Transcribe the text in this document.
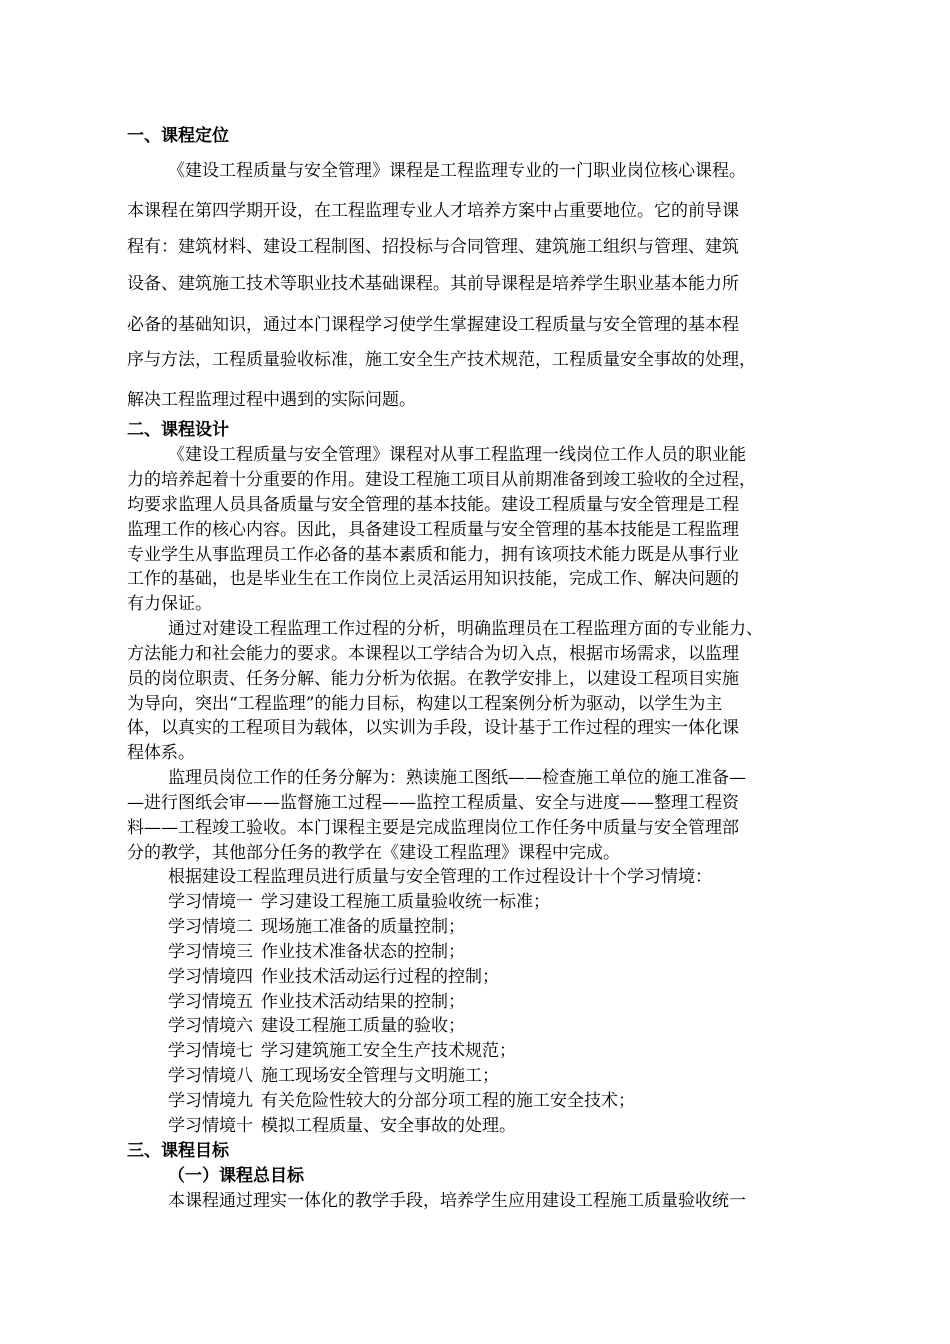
一、课程定位
《建设工程质量与安全管理》课程是工程监理专业的一门职业岗位核心课程。
本课程在第四学期开设，在工程监理专业人才培养方案中占重要地位。它的前导课
程有：建筑材料、建设工程制图、招投标与合同管理、建筑施工组织与管理、建筑
设备、建筑施工技术等职业技术基础课程。其前导课程是培养学生职业基本能力所
必备的基础知识，通过本门课程学习使学生掌握建设工程质量与安全管理的基本程
序与方法，工程质量验收标准，施工安全生产技术规范，工程质量安全事故的处理，
解决工程监理过程中遇到的实际问题。
二、课程设计
《建设工程质量与安全管理》课程对从事工程监理一线岗位工作人员的职业能
力的培养起着十分重要的作用。建设工程施工项目从前期准备到竣工验收的全过程，
均要求监理人员具备质量与安全管理的基本技能。建设工程质量与安全管理是工程
监理工作的核心内容。因此，具备建设工程质量与安全管理的基本技能是工程监理
专业学生从事监理员工作必备的基本素质和能力，拥有该项技术能力既是从事行业
工作的基础，也是毕业生在工作岗位上灵活运用知识技能，完成工作、解决问题的
有力保证。
通过对建设工程监理工作过程的分析，明确监理员在工程监理方面的专业能力、
方法能力和社会能力的要求。本课程以工学结合为切入点，根据市场需求，以监理
员的岗位职责、任务分解、能力分析为依据。在教学安排上，以建设工程项目实施
为导向，突出“工程监理”的能力目标，构建以工程案例分析为驱动，以学生为主
体，以真实的工程项目为载体，以实训为手段，设计基于工作过程的理实一体化课
程体系。
监理员岗位工作的任务分解为：熟读施工图纸——检查施工单位的施工准备—
—进行图纸会审——监督施工过程——监控工程质量、安全与进度——整理工程资
料——工程竣工验收。本门课程主要是完成监理岗位工作任务中质量与安全管理部
分的教学，其他部分任务的教学在《建设工程监理》课程中完成。
根据建设工程监理员进行质量与安全管理的工作过程设计十个学习情境：
学习情境一 学习建设工程施工质量验收统一标准；
学习情境二 现场施工准备的质量控制；
学习情境三 作业技术准备状态的控制；
学习情境四 作业技术活动运行过程的控制；
学习情境五 作业技术活动结果的控制；
学习情境六 建设工程施工质量的验收；
学习情境七 学习建筑施工安全生产技术规范；
学习情境八 施工现场安全管理与文明施工；
学习情境九 有关危险性较大的分部分项工程的施工安全技术；
学习情境十 模拟工程质量、安全事故的处理。
三、课程目标
（一）课程总目标
本课程通过理实一体化的教学手段，培养学生应用建设工程施工质量验收统一
